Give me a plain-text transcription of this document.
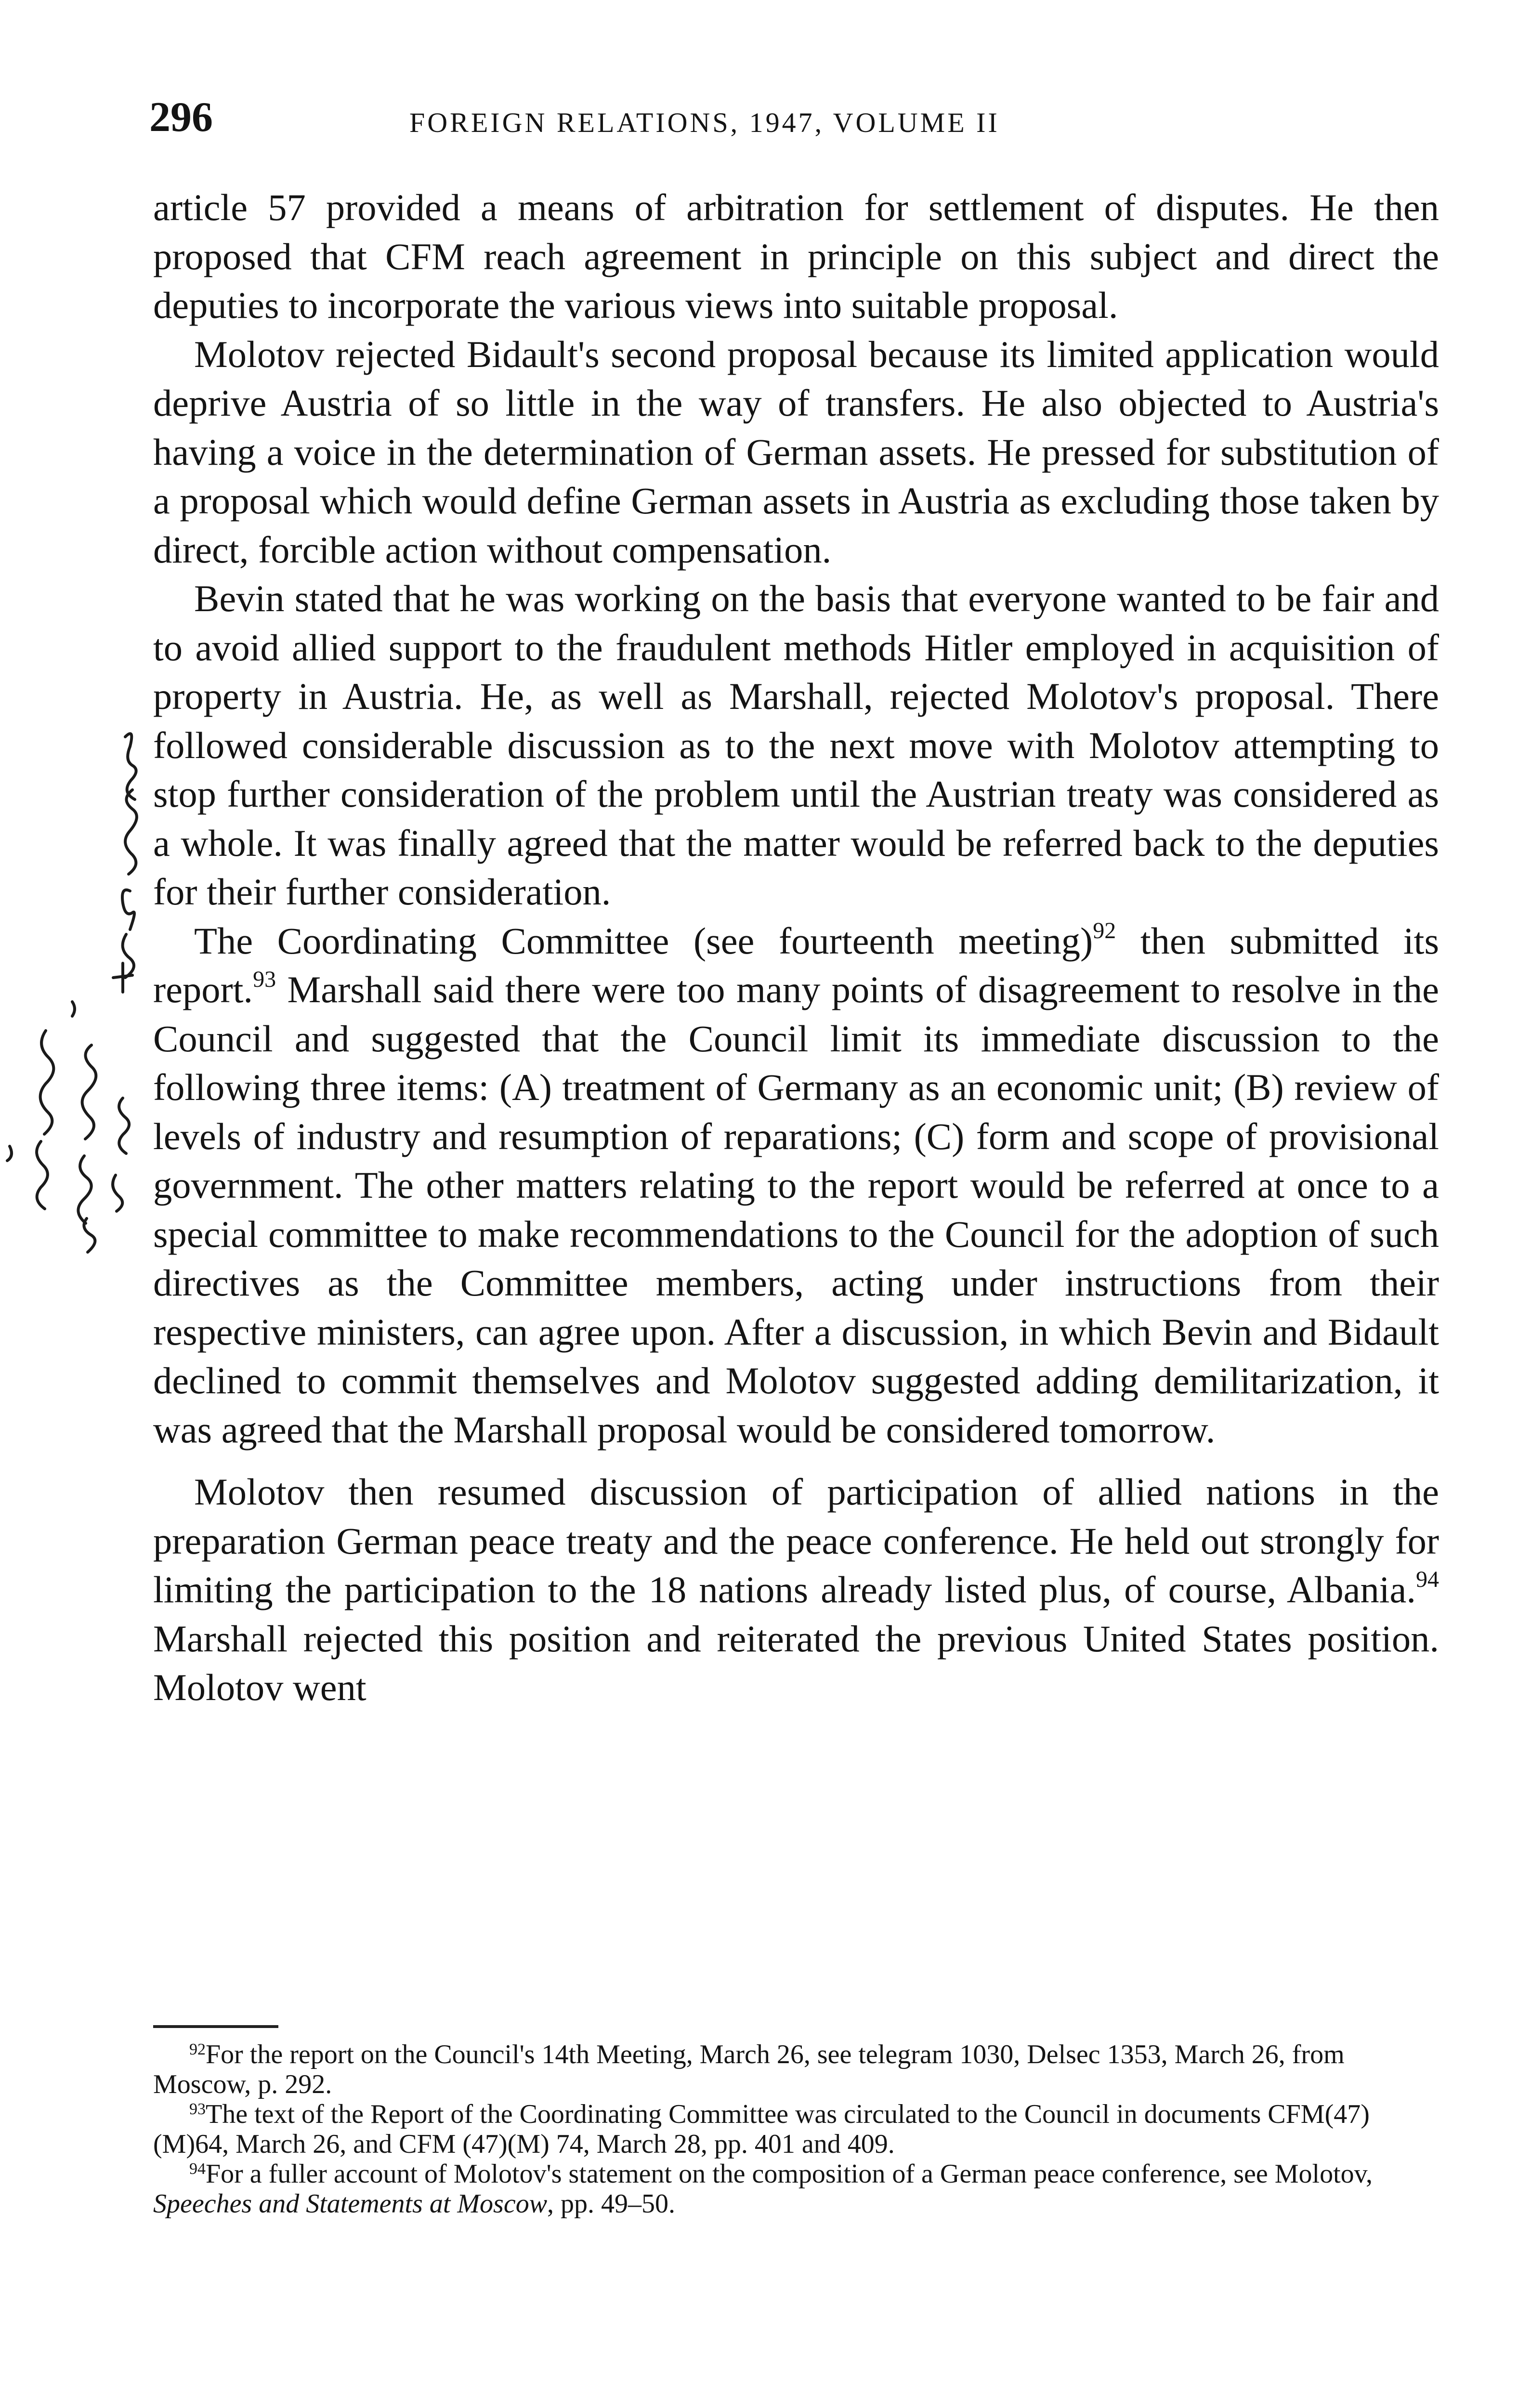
296	FOREIGN RELATIONS, 1947, VOLUME II

article 57 provided a means of arbitration for settlement of disputes. He then proposed that CFM reach agreement in principle on this subject and direct the deputies to incorporate the various views into suitable proposal.

Molotov rejected Bidault's second proposal because its limited application would deprive Austria of so little in the way of transfers. He also objected to Austria's having a voice in the determination of German assets. He pressed for substitution of a proposal which would define German assets in Austria as excluding those taken by direct, forcible action without compensation.

Bevin stated that he was working on the basis that everyone wanted to be fair and to avoid allied support to the fraudulent methods Hitler employed in acquisition of property in Austria. He, as well as Marshall, rejected Molotov's proposal. There followed considerable discussion as to the next move with Molotov attempting to stop further consideration of the problem until the Austrian treaty was considered as a whole. It was finally agreed that the matter would be referred back to the deputies for their further consideration.

The Coordinating Committee (see fourteenth meeting)$^{92}$ then submitted its report.$^{93}$ Marshall said there were too many points of disagreement to resolve in the Council and suggested that the Council limit its immediate discussion to the following three items: (A) treatment of Germany as an economic unit; (B) review of levels of industry and resumption of reparations; (C) form and scope of provisional government. The other matters relating to the report would be referred at once to a special committee to make recommendations to the Council for the adoption of such directives as the Committee members, acting under instructions from their respective ministers, can agree upon. After a discussion, in which Bevin and Bidault declined to commit themselves and Molotov suggested adding demilitarization, it was agreed that the Marshall proposal would be considered tomorrow.

Molotov then resumed discussion of participation of allied nations in the preparation German peace treaty and the peace conference. He held out strongly for limiting the participation to the 18 nations already listed plus, of course, Albania.$^{94}$ Marshall rejected this position and reiterated the previous United States position. Molotov went

$^{92}$For the report on the Council's 14th Meeting, March 26, see telegram 1030, Delsec 1353, March 26, from Moscow, p. 292.

$^{93}$The text of the Report of the Coordinating Committee was circulated to the Council in documents CFM(47)(M)64, March 26, and CFM (47)(M) 74, March 28, pp. 401 and 409.

$^{94}$For a fuller account of Molotov's statement on the composition of a German peace conference, see Molotov, Speeches and Statements at Moscow, pp. 49–50.
